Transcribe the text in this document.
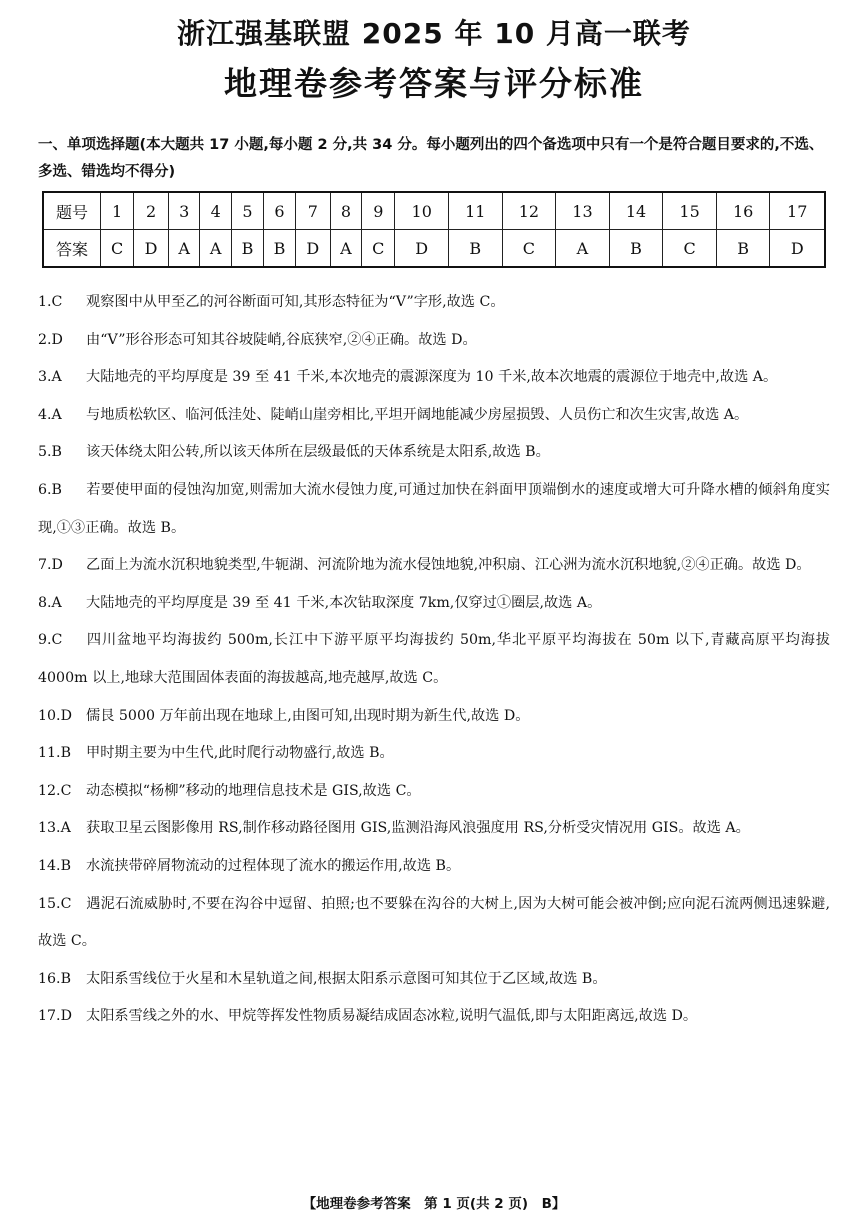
浙江强基联盟 2025 年 10 月高一联考
地理卷参考答案与评分标准
一、单项选择题(本大题共 17 小题,每小题 2 分,共 34 分。每小题列出的四个备选项中只有一个是符合题目要求的,不选、多选、错选均不得分)
题号	1	2	3	4	5	6	7	8	9	10	11	12	13	14	15	16	17
答案	C	D	A	A	B	B	D	A	C	D	B	C	A	B	C	B	D

1.C 观察图中从甲至乙的河谷断面可知,其形态特征为“V”字形,故选 C。

2.D 由“V”形谷形态可知其谷坡陡峭,谷底狭窄,②④正确。故选 D。

3.A 大陆地壳的平均厚度是 39 至 41 千米,本次地壳的震源深度为 10 千米,故本次地震的震源位于地壳中,故选 A。

4.A 与地质松软区、临河低洼处、陡峭山崖旁相比,平坦开阔地能减少房屋损毁、人员伤亡和次生灾害,故选 A。

5.B 该天体绕太阳公转,所以该天体所在层级最低的天体系统是太阳系,故选 B。

6.B 若要使甲面的侵蚀沟加宽,则需加大流水侵蚀力度,可通过加快在斜面甲顶端倒水的速度或增大可升降水槽的倾斜角度实现,①③正确。故选 B。

7.D 乙面上为流水沉积地貌类型,牛轭湖、河流阶地为流水侵蚀地貌,冲积扇、江心洲为流水沉积地貌,②④正确。故选 D。

8.A 大陆地壳的平均厚度是 39 至 41 千米,本次钻取深度 7km,仅穿过①圈层,故选 A。

9.C 四川盆地平均海拔约 500m,长江中下游平原平均海拔约 50m,华北平原平均海拔在 50m 以下,青藏高原平均海拔 4000m 以上,地球大范围固体表面的海拔越高,地壳越厚,故选 C。

10.D 儒艮 5000 万年前出现在地球上,由图可知,出现时期为新生代,故选 D。

11.B 甲时期主要为中生代,此时爬行动物盛行,故选 B。

12.C 动态模拟“杨柳”移动的地理信息技术是 GIS,故选 C。

13.A 获取卫星云图影像用 RS,制作移动路径图用 GIS,监测沿海风浪强度用 RS,分析受灾情况用 GIS。故选 A。

14.B 水流挟带碎屑物流动的过程体现了流水的搬运作用,故选 B。

15.C 遇泥石流威胁时,不要在沟谷中逗留、拍照;也不要躲在沟谷的大树上,因为大树可能会被冲倒;应向泥石流两侧迅速躲避,故选 C。

16.B 太阳系雪线位于火星和木星轨道之间,根据太阳系示意图可知其位于乙区域,故选 B。

17.D 太阳系雪线之外的水、甲烷等挥发性物质易凝结成固态冰粒,说明气温低,即与太阳距离远,故选 D。

【地理卷参考答案　第 1 页(共 2 页)　B】
